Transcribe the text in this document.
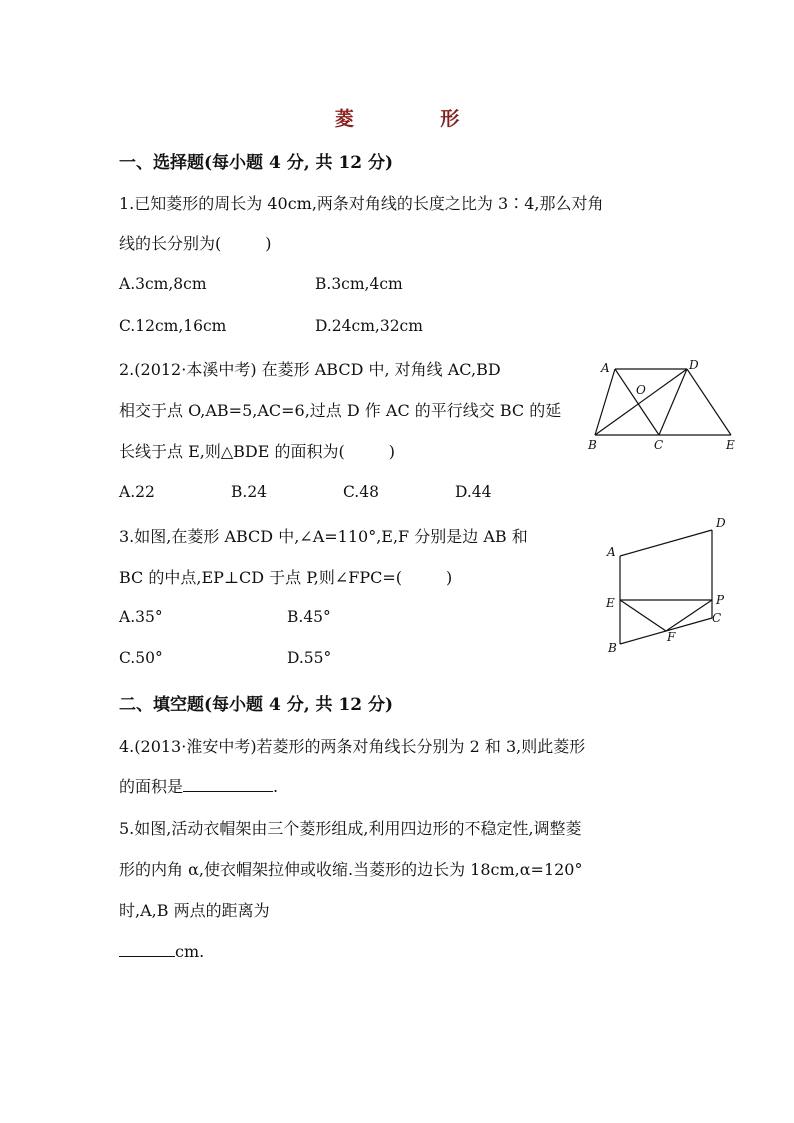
菱 形
一、选择题(每小题 4 分, 共 12 分)
1.已知菱形的周长为 40cm,两条对角线的长度之比为 3∶4,那么对角
线的长分别为(	)
A.3cm,8cm	B.3cm,4cm
C.12cm,16cm	D.24cm,32cm
2.(2012·本溪中考) 在菱形 ABCD 中, 对角线 AC,BD
相交于点 O,AB=5,AC=6,过点 D 作 AC 的平行线交 BC 的延
长线于点 E,则△BDE 的面积为(	)
A.22	B.24	C.48	D.44
A	D
O
B	C	E
3.如图,在菱形 ABCD 中,∠A=110°,E,F 分别是边 AB 和
BC 的中点,EP⊥CD 于点 P,则∠FPC=(	)
A.35°	B.45°
C.50°	D.55°
D
A
E	P
C
F
B
二、填空题(每小题 4 分, 共 12 分)
4.(2013·淮安中考)若菱形的两条对角线长分别为 2 和 3,则此菱形
的面积是	.
5.如图,活动衣帽架由三个菱形组成,利用四边形的不稳定性,调整菱
形的内角 α,使衣帽架拉伸或收缩.当菱形的边长为 18cm,α=120°
时,A,B 两点的距离为
cm.
